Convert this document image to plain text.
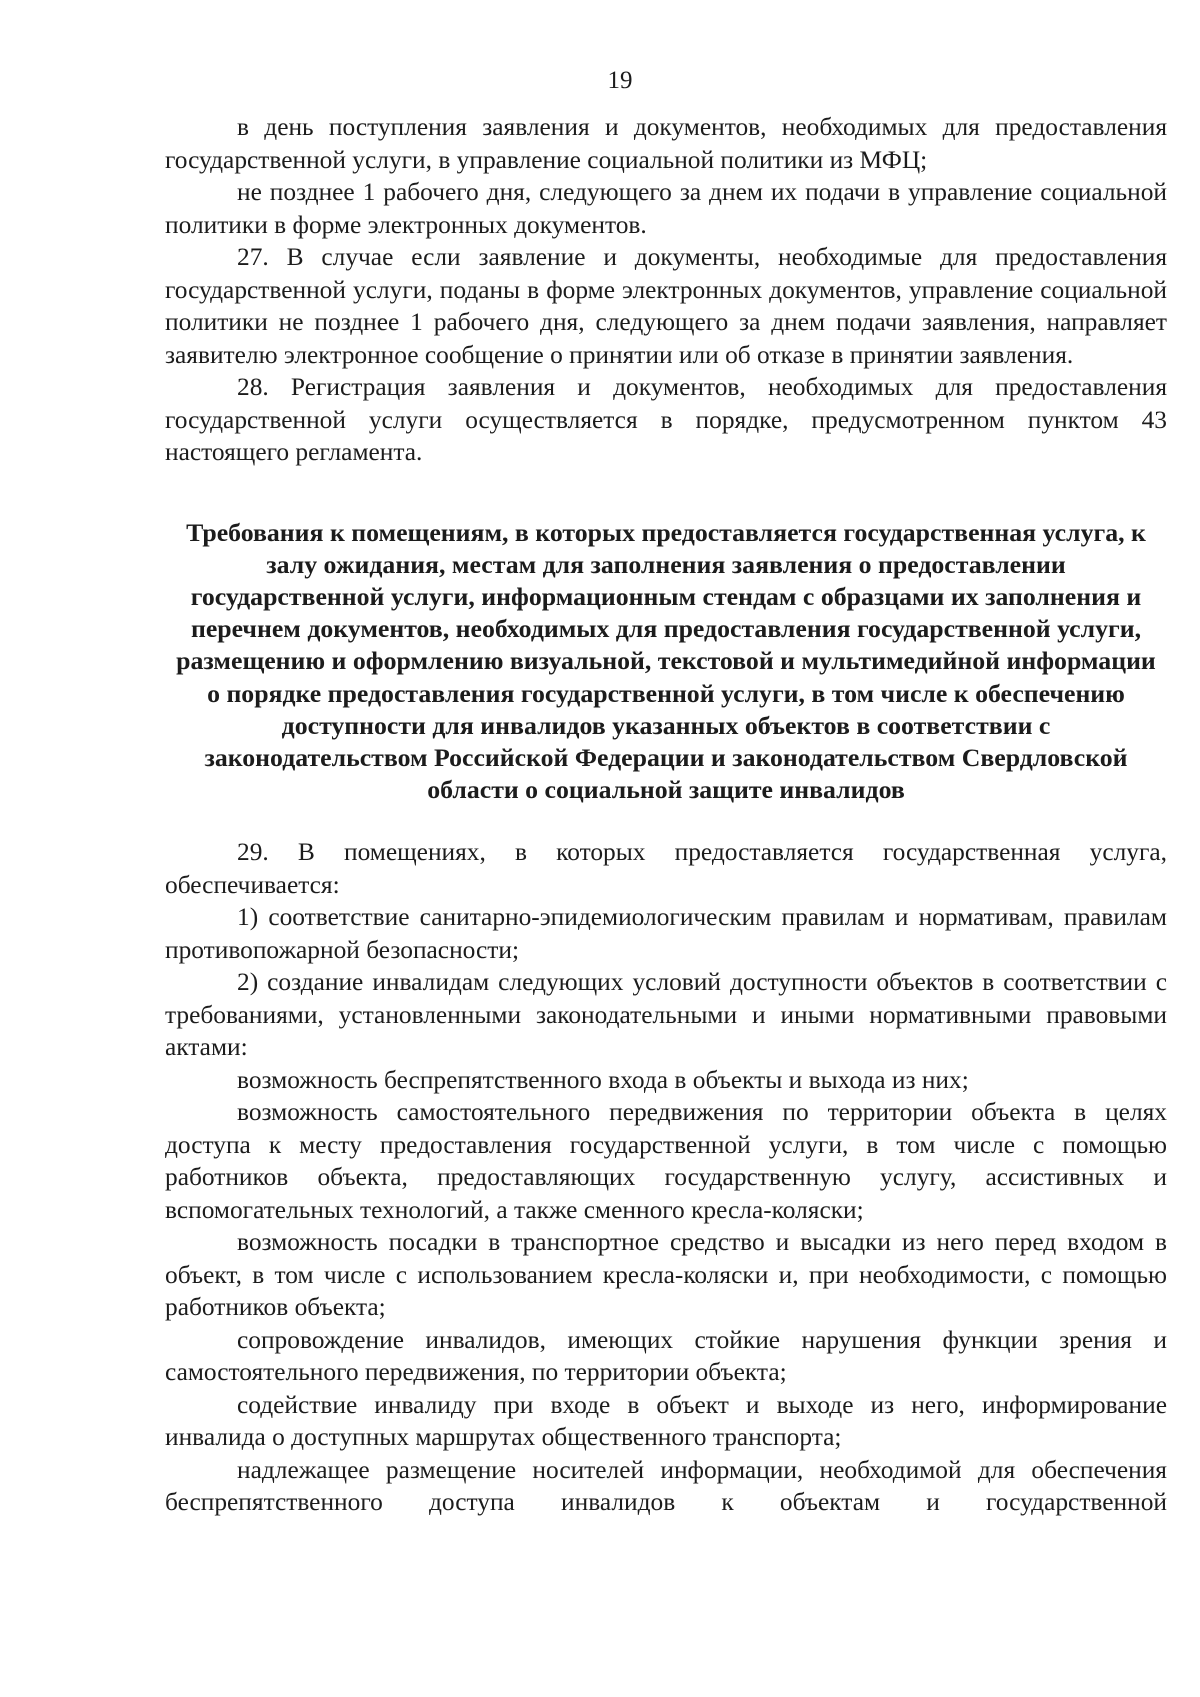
19

в день поступления заявления и документов, необходимых для предоставления государственной услуги, в управление социальной политики из МФЦ;

не позднее 1 рабочего дня, следующего за днем их подачи в управление социальной политики в форме электронных документов.

27. В случае если заявление и документы, необходимые для предоставления государственной услуги, поданы в форме электронных документов, управление социальной политики не позднее 1 рабочего дня, следующего за днем подачи заявления, направляет заявителю электронное сообщение о принятии или об отказе в принятии заявления.

28. Регистрация заявления и документов, необходимых для предоставления государственной услуги осуществляется в порядке, предусмотренном пунктом 43 настоящего регламента.

Требования к помещениям, в которых предоставляется государственная услуга, к залу ожидания, местам для заполнения заявления о предоставлении государственной услуги, информационным стендам с образцами их заполнения и перечнем документов, необходимых для предоставления государственной услуги, размещению и оформлению визуальной, текстовой и мультимедийной информации о порядке предоставления государственной услуги, в том числе к обеспечению доступности для инвалидов указанных объектов в соответствии с законодательством Российской Федерации и законодательством Свердловской области о социальной защите инвалидов

29. В помещениях, в которых предоставляется государственная услуга, обеспечивается:

1) соответствие санитарно-эпидемиологическим правилам и нормативам, правилам противопожарной безопасности;

2) создание инвалидам следующих условий доступности объектов в соответствии с требованиями, установленными законодательными и иными нормативными правовыми актами:

возможность беспрепятственного входа в объекты и выхода из них;

возможность самостоятельного передвижения по территории объекта в целях доступа к месту предоставления государственной услуги, в том числе с помощью работников объекта, предоставляющих государственную услугу, ассистивных и вспомогательных технологий, а также сменного кресла-коляски;

возможность посадки в транспортное средство и высадки из него перед входом в объект, в том числе с использованием кресла-коляски и, при необходимости, с помощью работников объекта;

сопровождение инвалидов, имеющих стойкие нарушения функции зрения и самостоятельного передвижения, по территории объекта;

содействие инвалиду при входе в объект и выходе из него, информирование инвалида о доступных маршрутах общественного транспорта;

надлежащее размещение носителей информации, необходимой для обеспечения беспрепятственного доступа инвалидов к объектам и государственной
